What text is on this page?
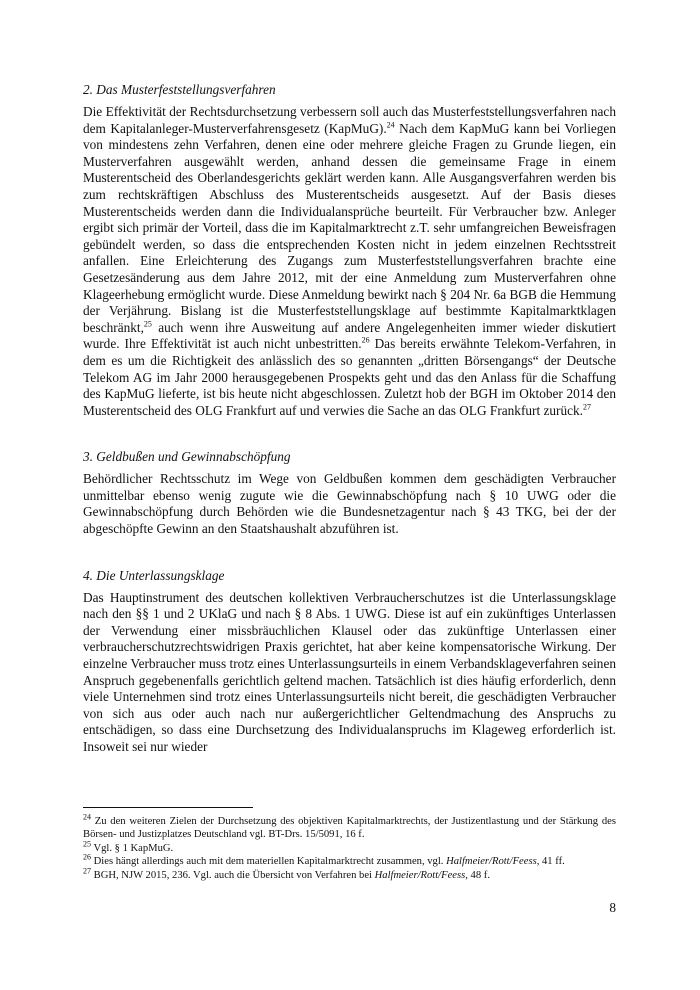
2. Das Musterfeststellungsverfahren

Die Effektivität der Rechtsdurchsetzung verbessern soll auch das Musterfeststellungsverfahren nach dem Kapitalanleger-Musterverfahrensgesetz (KapMuG).$^{24}$ Nach dem KapMuG kann bei Vorliegen von mindestens zehn Verfahren, denen eine oder mehrere gleiche Fragen zu Grunde liegen, ein Musterverfahren ausgewählt werden, anhand dessen die gemeinsame Frage in einem Musterentscheid des Oberlandesgerichts geklärt werden kann. Alle Ausgangsverfahren werden bis zum rechtskräftigen Abschluss des Musterentscheids ausgesetzt. Auf der Basis dieses Musterentscheids werden dann die Individualansprüche beurteilt. Für Verbraucher bzw. Anleger ergibt sich primär der Vorteil, dass die im Kapitalmarktrecht z.T. sehr umfangreichen Beweisfragen gebündelt werden, so dass die entsprechenden Kosten nicht in jedem einzelnen Rechtsstreit anfallen. Eine Erleichterung des Zugangs zum Musterfeststellungsverfahren brachte eine Gesetzesänderung aus dem Jahre 2012, mit der eine Anmeldung zum Musterverfahren ohne Klageerhebung ermöglicht wurde. Diese Anmeldung bewirkt nach § 204 Nr. 6a BGB die Hemmung der Verjährung. Bislang ist die Musterfeststellungsklage auf bestimmte Kapitalmarktklagen beschränkt,$^{25}$ auch wenn ihre Ausweitung auf andere Angelegenheiten immer wieder diskutiert wurde. Ihre Effektivität ist auch nicht unbestritten.$^{26}$ Das bereits erwähnte Telekom-Verfahren, in dem es um die Richtigkeit des anlässlich des so genannten „dritten Börsengangs“ der Deutsche Telekom AG im Jahr 2000 herausgegebenen Prospekts geht und das den Anlass für die Schaffung des KapMuG lieferte, ist bis heute nicht abgeschlossen. Zuletzt hob der BGH im Oktober 2014 den Musterentscheid des OLG Frankfurt auf und verwies die Sache an das OLG Frankfurt zurück.$^{27}$

3. Geldbußen und Gewinnabschöpfung

Behördlicher Rechtsschutz im Wege von Geldbußen kommen dem geschädigten Verbraucher unmittelbar ebenso wenig zugute wie die Gewinnabschöpfung nach § 10 UWG oder die Gewinnabschöpfung durch Behörden wie die Bundesnetzagentur nach § 43 TKG, bei der der abgeschöpfte Gewinn an den Staatshaushalt abzuführen ist.

4. Die Unterlassungsklage

Das Hauptinstrument des deutschen kollektiven Verbraucherschutzes ist die Unterlassungsklage nach den §§ 1 und 2 UKlaG und nach § 8 Abs. 1 UWG. Diese ist auf ein zukünftiges Unterlassen der Verwendung einer missbräuchlichen Klausel oder das zukünftige Unterlassen einer verbraucherschutzrechtswidrigen Praxis gerichtet, hat aber keine kompensatorische Wirkung. Der einzelne Verbraucher muss trotz eines Unterlassungsurteils in einem Verbandsklageverfahren seinen Anspruch gegebenenfalls gerichtlich geltend machen. Tatsächlich ist dies häufig erforderlich, denn viele Unternehmen sind trotz eines Unterlassungsurteils nicht bereit, die geschädigten Verbraucher von sich aus oder auch nach nur außergerichtlicher Geltendmachung des Anspruchs zu entschädigen, so dass eine Durchsetzung des Individualanspruchs im Klageweg erforderlich ist. Insoweit sei nur wieder

$^{24}$ Zu den weiteren Zielen der Durchsetzung des objektiven Kapitalmarktrechts, der Justizentlastung und der Stärkung des Börsen- und Justizplatzes Deutschland vgl. BT-Drs. 15/5091, 16 f.

$^{25}$ Vgl. § 1 KapMuG.

$^{26}$ Dies hängt allerdings auch mit dem materiellen Kapitalmarktrecht zusammen, vgl. Halfmeier/Rott/Feess, 41 ff.

$^{27}$ BGH, NJW 2015, 236. Vgl. auch die Übersicht von Verfahren bei Halfmeier/Rott/Feess, 48 f.

8
